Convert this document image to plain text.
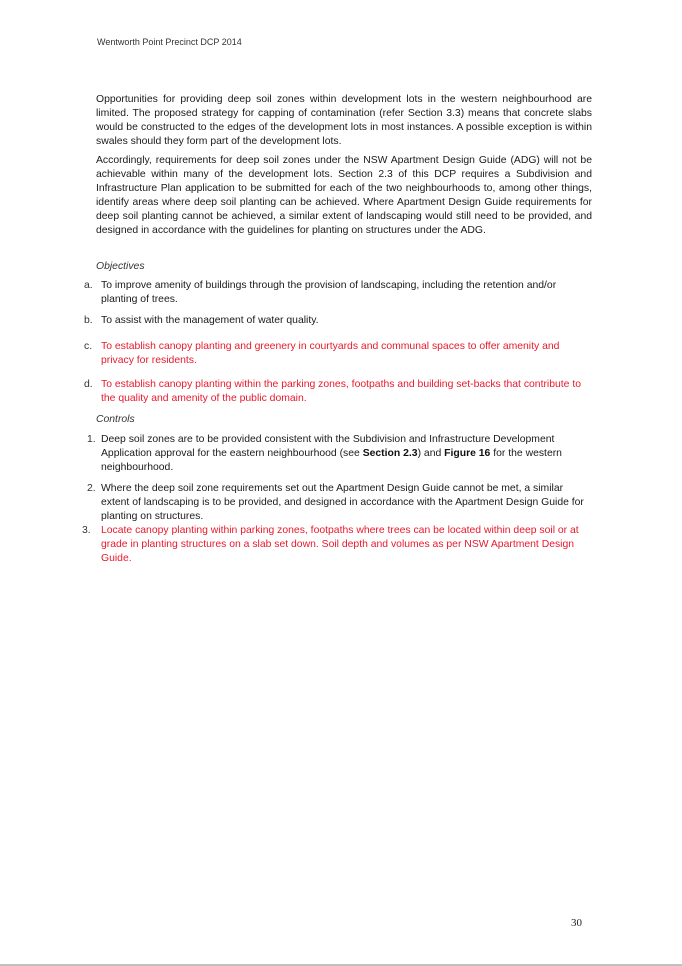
Wentworth Point Precinct DCP 2014

Opportunities for providing deep soil zones within development lots in the western neighbourhood are limited. The proposed strategy for capping of contamination (refer Section 3.3) means that concrete slabs would be constructed to the edges of the development lots in most instances. A possible exception is within swales should they form part of the development lots.

Accordingly, requirements for deep soil zones under the NSW Apartment Design Guide (ADG) will not be achievable within many of the development lots. Section 2.3 of this DCP requires a Subdivision and Infrastructure Plan application to be submitted for each of the two neighbourhoods to, among other things, identify areas where deep soil planting can be achieved. Where Apartment Design Guide requirements for deep soil planting cannot be achieved, a similar extent of landscaping would still need to be provided, and designed in accordance with the guidelines for planting on structures under the ADG.

Objectives

a. To improve amenity of buildings through the provision of landscaping, including the retention and/or planting of trees.
b. To assist with the management of water quality.
c. To establish canopy planting and greenery in courtyards and communal spaces to offer amenity and privacy for residents.
d. To establish canopy planting within the parking zones, footpaths and building set-backs that contribute to the quality and amenity of the public domain.

Controls

1. Deep soil zones are to be provided consistent with the Subdivision and Infrastructure Development Application approval for the eastern neighbourhood (see Section 2.3) and Figure 16 for the western neighbourhood.
2. Where the deep soil zone requirements set out the Apartment Design Guide cannot be met, a similar extent of landscaping is to be provided, and designed in accordance with the Apartment Design Guide for planting on structures.
3. Locate canopy planting within parking zones, footpaths where trees can be located within deep soil or at grade in planting structures on a slab set down. Soil depth and volumes as per NSW Apartment Design Guide.
30
